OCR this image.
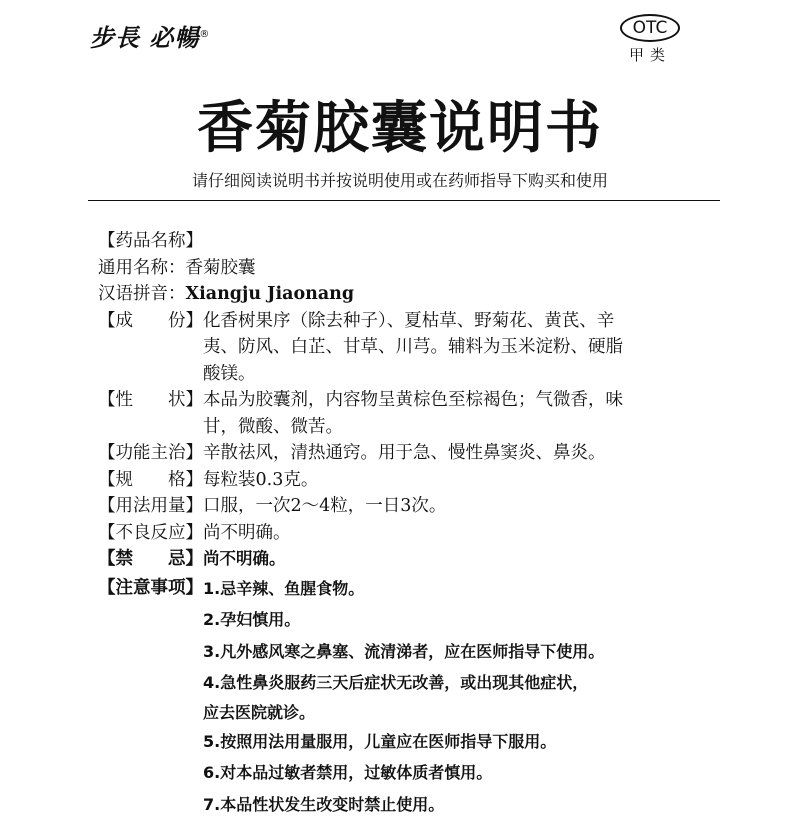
步長 必暢®	OTC
甲类
香菊胶囊说明书
请仔细阅读说明书并按说明使用或在药师指导下购买和使用

【药品名称】

通用名称：香菊胶囊

汉语拼音：Xiangju Jiaonang

【成 份】 化香树果序（除去种子）、夏枯草、野菊花、黄芪、辛
夷、防风、白芷、甘草、川芎。辅料为玉米淀粉、硬脂
酸镁。
【性 状】 本品为胶囊剂，内容物呈黄棕色至棕褐色；气微香，味
甘，微酸、微苦。
【功能主治】 辛散祛风，清热通窍。用于急、慢性鼻窦炎、鼻炎。
【规 格】 每粒装0.3克。
【用法用量】 口服，一次2～4粒，一日3次。
【不良反应】 尚不明确。
【禁 忌】 尚不明确。
【注意事项】 1.忌辛辣、鱼腥食物。
2.孕妇慎用。
3.凡外感风寒之鼻塞、流清涕者，应在医师指导下使用。
4.急性鼻炎服药三天后症状无改善，或出现其他症状，
应去医院就诊。
5.按照用法用量服用，儿童应在医师指导下服用。
6.对本品过敏者禁用，过敏体质者慎用。
7.本品性状发生改变时禁止使用。
